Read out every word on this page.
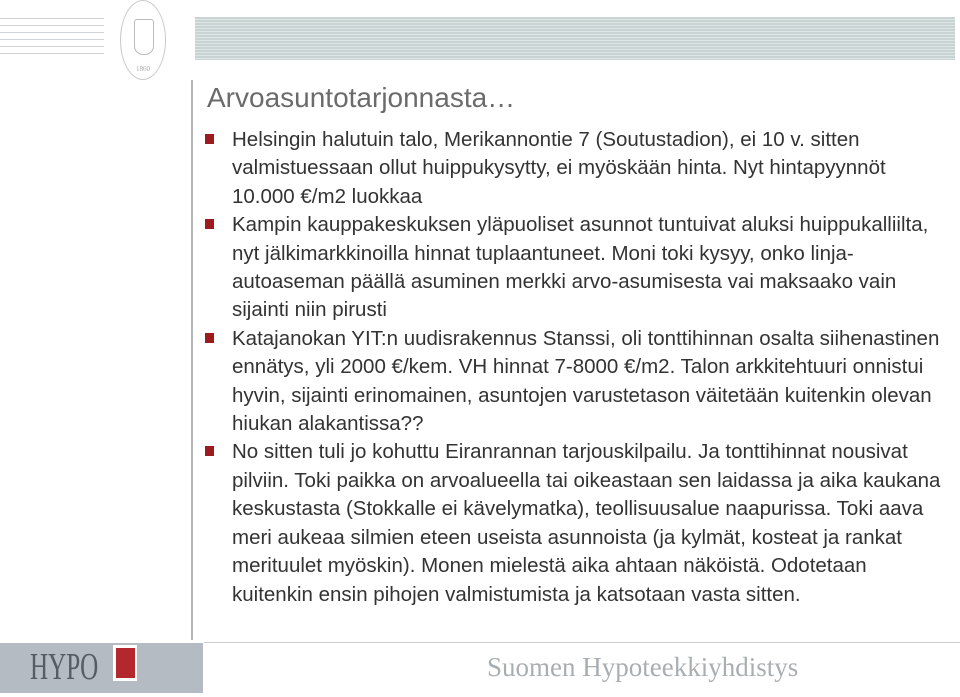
1860
Arvoasuntotarjonnasta…
Helsingin halutuin talo, Merikannontie 7 (Soutustadion), ei 10 v. sitten valmistuessaan ollut huippukysytty, ei myöskään hinta. Nyt hintapyynnöt 10.000 €/m2 luokkaa
Kampin kauppakeskuksen yläpuoliset asunnot tuntuivat aluksi huippukalliilta, nyt jälkimarkkinoilla hinnat tuplaantuneet. Moni toki kysyy, onko linja-autoaseman päällä asuminen merkki arvo-asumisesta vai maksaako vain sijainti niin pirusti
Katajanokan YIT:n uudisrakennus Stanssi, oli tonttihinnan osalta siihenastinen ennätys, yli 2000 €/kem. VH hinnat 7-8000 €/m2. Talon arkkitehtuuri onnistui hyvin, sijainti erinomainen, asuntojen varustetason väitetään kuitenkin olevan hiukan alakantissa??
No sitten tuli jo kohuttu Eiranrannan tarjouskilpailu. Ja tonttihinnat nousivat pilviin. Toki paikka on arvoalueella tai oikeastaan sen laidassa ja aika kaukana keskustasta (Stokkalle ei kävelymatka), teollisuusalue naapurissa. Toki aava meri aukeaa silmien eteen useista asunnoista (ja kylmät, kosteat ja rankat merituulet myöskin). Monen mielestä aika ahtaan näköistä. Odotetaan kuitenkin ensin pihojen valmistumista ja katsotaan vasta sitten.
HYPO	Suomen Hypoteekkiyhdistys
